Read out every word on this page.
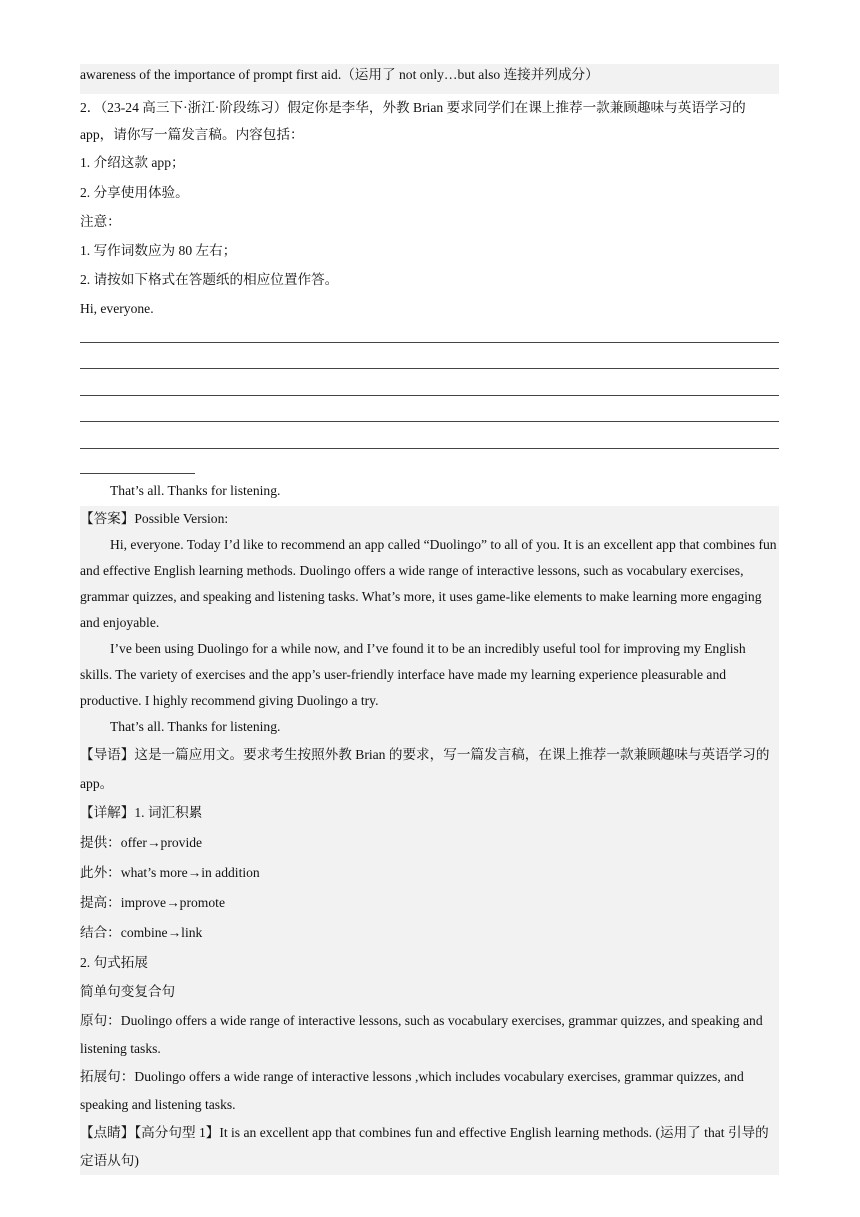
awareness of the importance of prompt first aid.（运用了 not only…but also 连接并列成分）

2．（23-24 高三下·浙江·阶段练习）假定你是李华，外教 Brian 要求同学们在课上推荐一款兼顾趣味与英语学习的 app，请你写一篇发言稿。内容包括：

1. 介绍这款 app；

2. 分享使用体验。

注意：

1. 写作词数应为 80 左右；

2. 请按如下格式在答题纸的相应位置作答。

Hi, everyone.

That’s all. Thanks for listening.

【答案】Possible Version:

Hi, everyone. Today I’d like to recommend an app called “Duolingo” to all of you. It is an excellent app that combines fun and effective English learning methods. Duolingo offers a wide range of interactive lessons, such as vocabulary exercises, grammar quizzes, and speaking and listening tasks. What’s more, it uses game-like elements to make learning more engaging and enjoyable.

I’ve been using Duolingo for a while now, and I’ve found it to be an incredibly useful tool for improving my English skills. The variety of exercises and the app’s user-friendly interface have made my learning experience pleasurable and productive. I highly recommend giving Duolingo a try.

That’s all. Thanks for listening.

【导语】这是一篇应用文。要求考生按照外教 Brian 的要求，写一篇发言稿，在课上推荐一款兼顾趣味与英语学习的 app。

【详解】1. 词汇积累

提供：offer→provide

此外：what’s more→in addition

提高：improve→promote

结合：combine→link

2. 句式拓展

简单句变复合句

原句：Duolingo offers a wide range of interactive lessons, such as vocabulary exercises, grammar quizzes, and speaking and listening tasks.

拓展句：Duolingo offers a wide range of interactive lessons ,which includes vocabulary exercises, grammar quizzes, and speaking and listening tasks.

【点睛】【高分句型 1】It is an excellent app that combines fun and effective English learning methods. (运用了 that 引导的定语从句)
